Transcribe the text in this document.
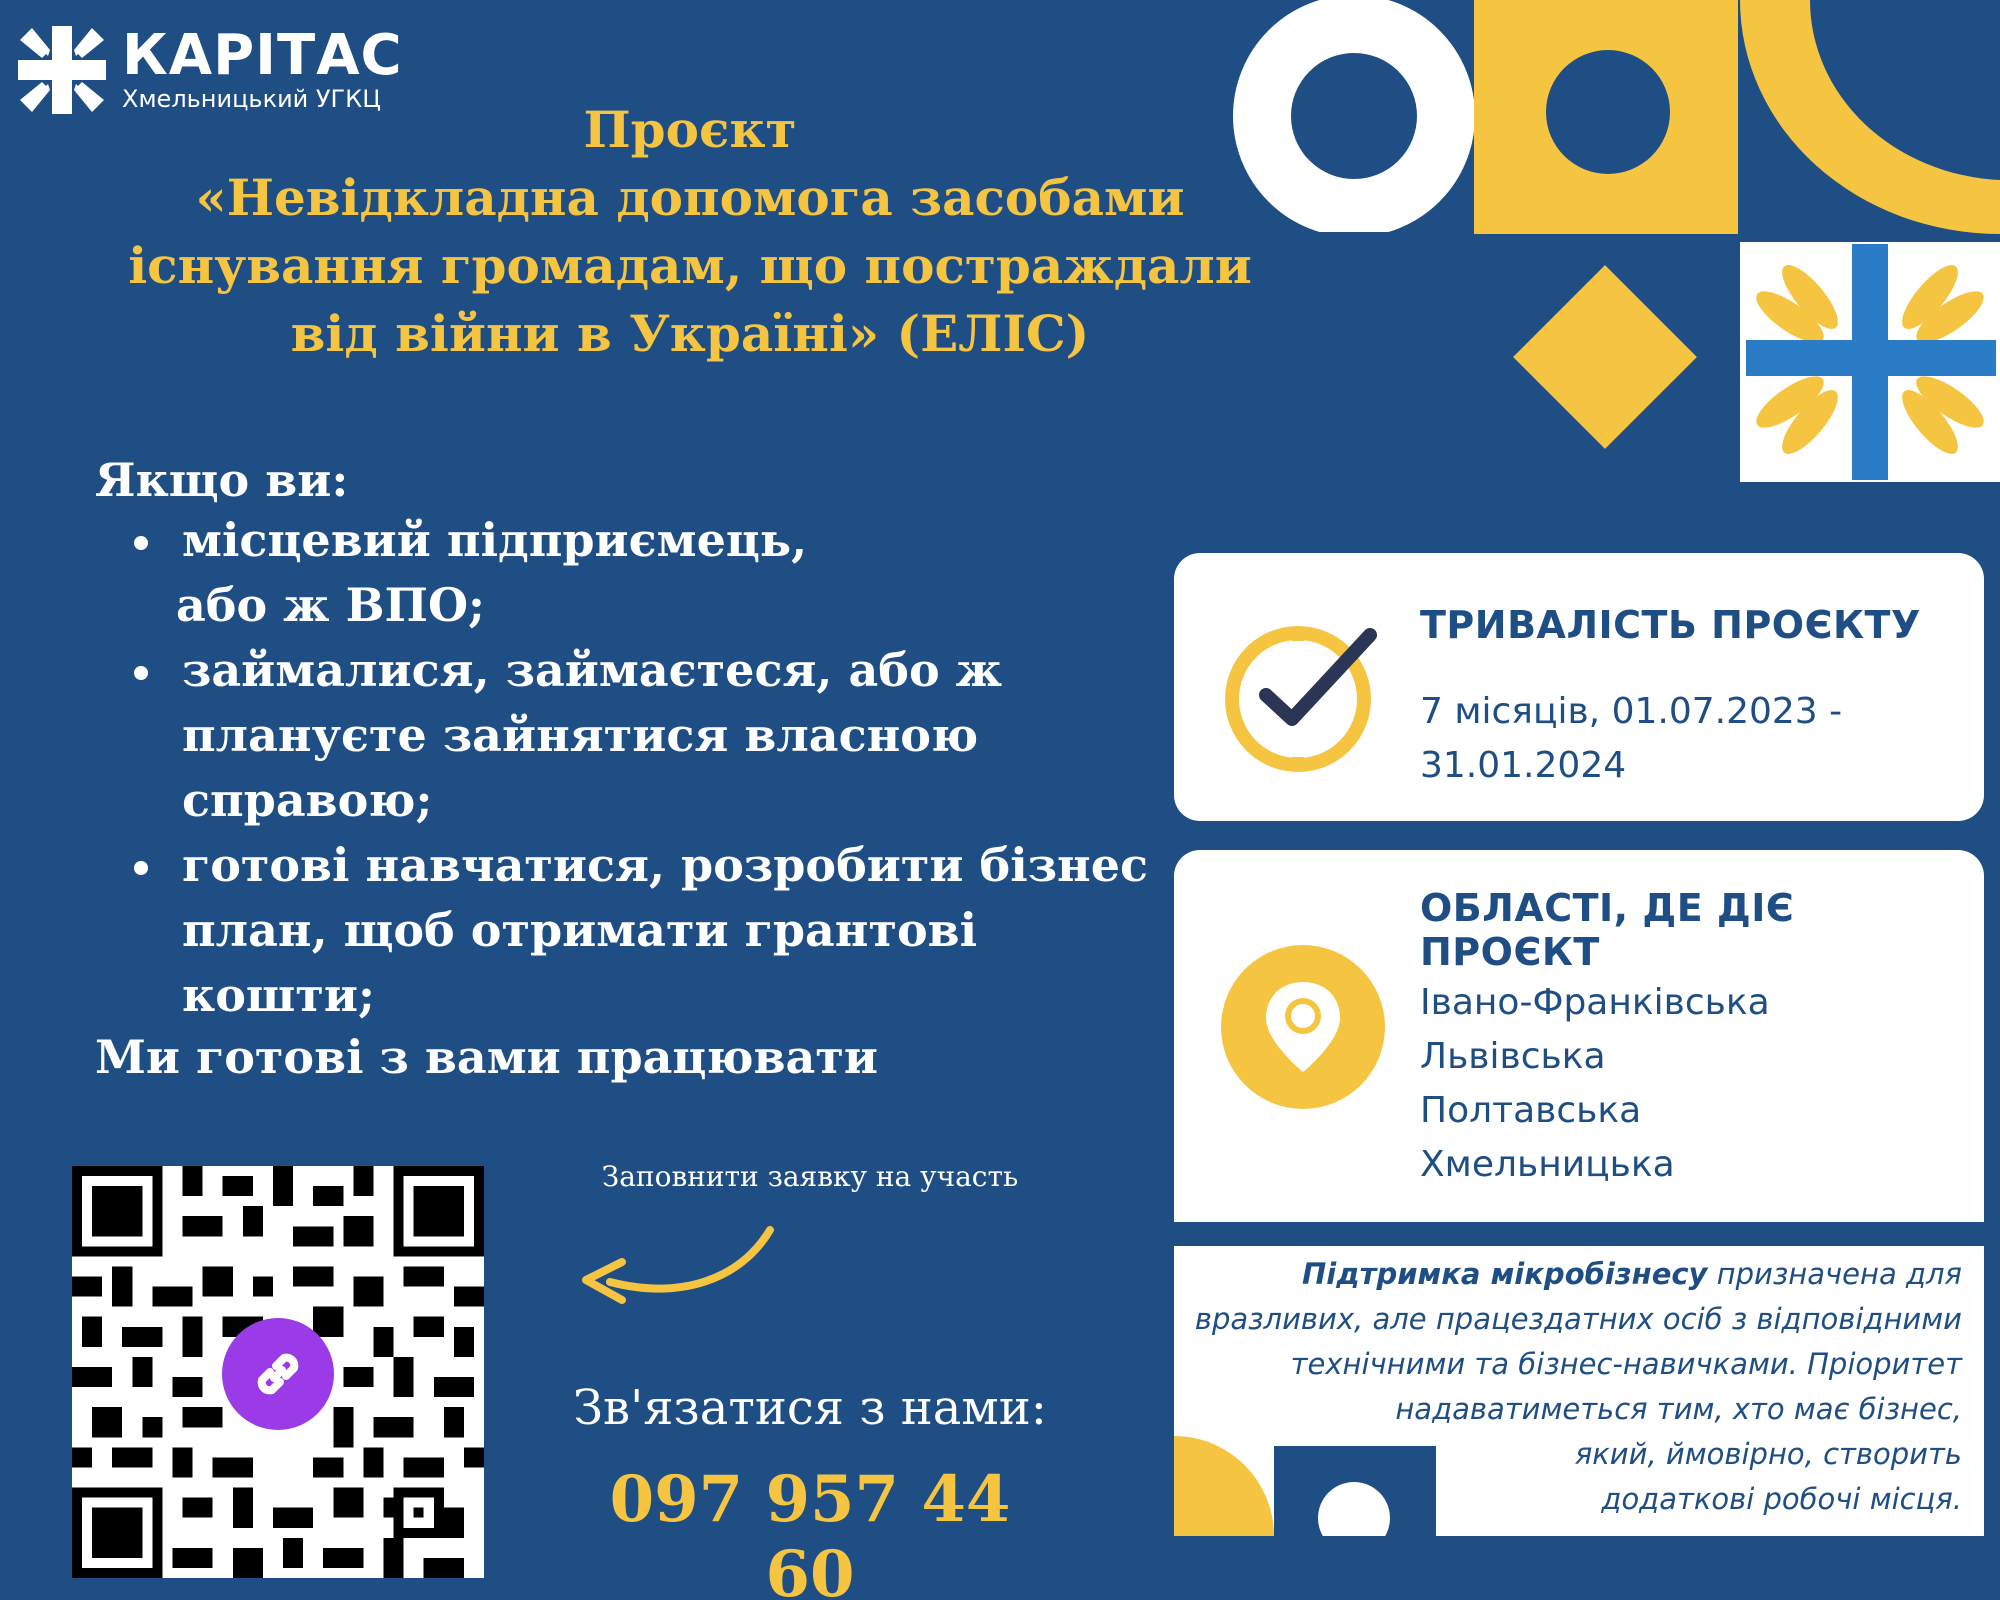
КАРІТАС
Хмельницький УГКЦ
Проєкт
«Невідкладна допомога засобами
існування громадам, що постраждали
від війни в Україні» (ЕЛІС)
Якщо ви:
місцевий підприємець,

або ж ВПО;
займалися, займаєтеся, або ж
плануєте зайнятися власною
справою;
готові навчатися, розробити бізнес
план, щоб отримати грантові кошти;
Ми готові з вами працювати
Заповнити заявку на участь
Зв'язатися з нами:
097 957 44 60
ТРИВАЛІСТЬ ПРОЄКТУ
7 місяців, 01.07.2023 -
31.01.2024
ОБЛАСТІ, ДЕ ДІЄ ПРОЄКТ
Івано-Франківська
Львівська
Полтавська
Хмельницька
Підтримка мікробізнесу призначена для
вразливих, але працездатних осіб з відповідними
технічними та бізнес-навичками. Пріоритет
надаватиметься тим, хто має бізнес,
який, ймовірно, створить
додаткові робочі місця.
